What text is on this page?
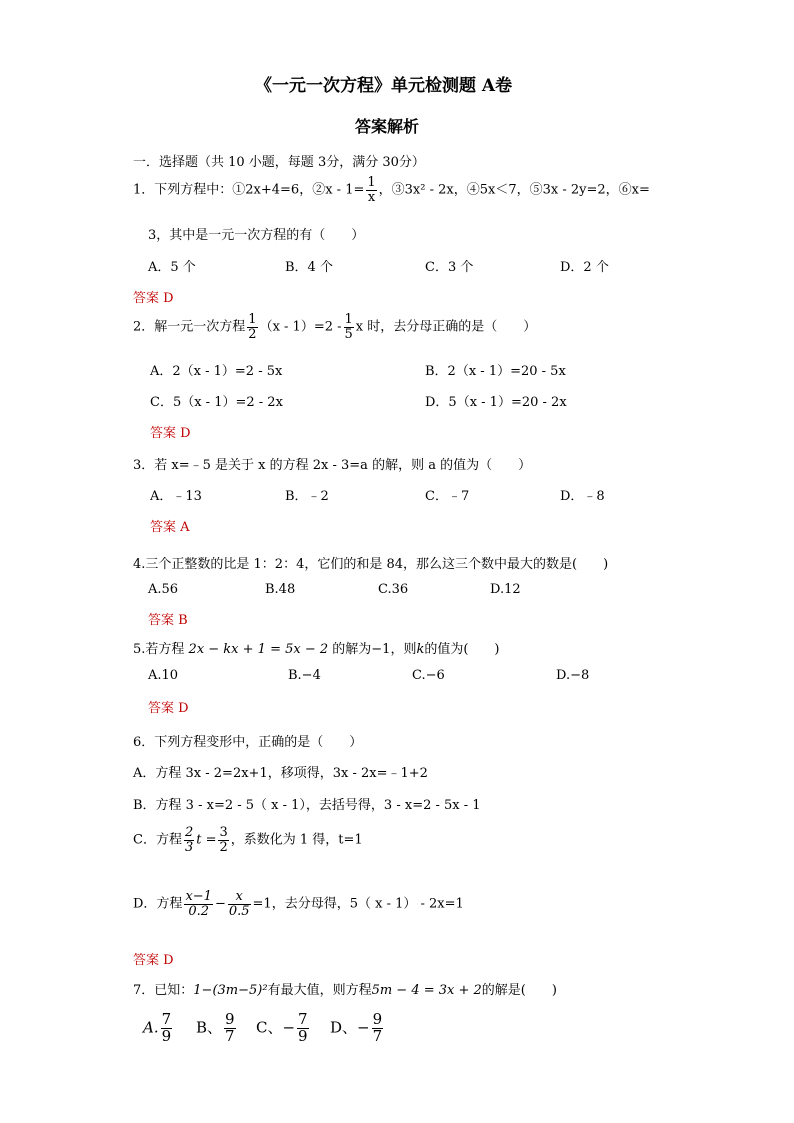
《一元一次方程》单元检测题 A卷
答案解析
一．选择题（共 10 小题，每题 3分，满分 30分）
1．下列方程中：①2x+4=6，②x - $1= \frac{1}{x}$ ，③3x² - 2x，④5x＜7，⑤3x - 2y=2，⑥x=
3，其中是一元一次方程的有（　　）
A．5 个	B．4 个	C．3 个	D．2 个
答案 D
2．解一元一次方程 $\frac{1}{2} (x - 1)=2 - \frac{1}{5}$ x 时，去分母正确的是（　　）
A．2（x - 1）=2 - 5x	B．2（x - 1）=20 - 5x
C．5（x - 1）=2 - 2x	D．5（x - 1）=20 - 2x
答案 D
3．若 x=﹣5 是关于 x 的方程 2x - 3=a 的解，则 a 的值为（　　）
A．﹣13	B．﹣2	C．﹣7	D．﹣8
答案 A
4.三个正整数的比是 1：2：4，它们的和是 84，那么这三个数中最大的数是(　　)
A.56	B.48	C.36	D.12
答案 B
5.若方程 2x − kx + 1 = 5x − 2 的解为−1，则k的值为(　　)
A.10	B.−4	C.−6	D.−8
答案 D
6．下列方程变形中，正确的是（　　）
A．方程 3x - 2=2x+1，移项得，3x - 2x=﹣1+2
B．方程 3 - x=2 - 5（ x - 1），去括号得，3 - x=2 - 5x - 1
C．方程 $\frac{2}{3}$ $t = \frac{3}{2}$ ，系数化为 1 得，t=1
D．方程 $\frac{x-1}{0.2} - \frac{x}{0.5} =1$，去分母得，5（ x - 1） - 2x=1
答案 D
7．已知：1−(3m−5)²有最大值，则方程5m − 4 = 3x + 2的解是(　　)
A. $\frac{7}{9}$ B、 $\frac{9}{7}$ C、− $\frac{7}{9}$ D、− $\frac{9}{7}$
